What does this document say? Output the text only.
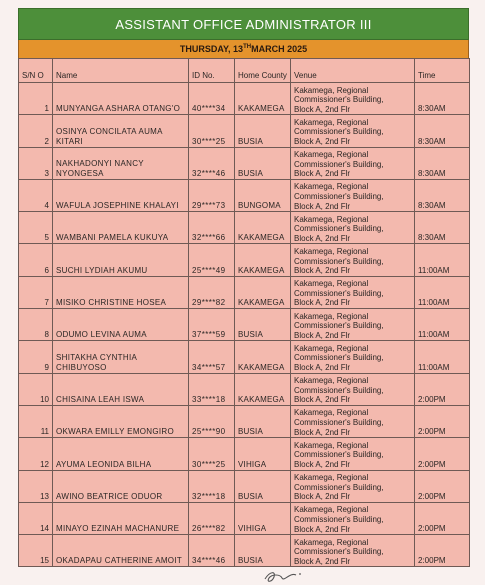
ASSISTANT OFFICE ADMINISTRATOR III
THURSDAY, 13TH MARCH 2025
S/N O	Name	ID No.	Home County	Venue	Time
1	MUNYANGA ASHARA OTANG'O	40****34	KAKAMEGA	Kakamega, Regional
Commissioner's Building,
Block A, 2nd Flr	8:30AM
2	OSINYA CONCILATA AUMA KITARI	30****25	BUSIA	Kakamega, Regional
Commissioner's Building,
Block A, 2nd Flr	8:30AM
3	NAKHADONYI NANCY NYONGESA	32****46	BUSIA	Kakamega, Regional
Commissioner's Building,
Block A, 2nd Flr	8:30AM
4	WAFULA JOSEPHINE KHALAYI	29****73	BUNGOMA	Kakamega, Regional
Commissioner's Building,
Block A, 2nd Flr	8:30AM
5	WAMBANI PAMELA KUKUYA	32****66	KAKAMEGA	Kakamega, Regional
Commissioner's Building,
Block A, 2nd Flr	8:30AM
6	SUCHI LYDIAH AKUMU	25****49	KAKAMEGA	Kakamega, Regional
Commissioner's Building,
Block A, 2nd Flr	11:00AM
7	MISIKO CHRISTINE HOSEA	29****82	KAKAMEGA	Kakamega, Regional
Commissioner's Building,
Block A, 2nd Flr	11:00AM
8	ODUMO LEVINA AUMA	37****59	BUSIA	Kakamega, Regional
Commissioner's Building,
Block A, 2nd Flr	11:00AM
9	SHITAKHA CYNTHIA CHIBUYOSO	34****57	KAKAMEGA	Kakamega, Regional
Commissioner's Building,
Block A, 2nd Flr	11:00AM
10	CHISAINA LEAH ISWA	33****18	KAKAMEGA	Kakamega, Regional
Commissioner's Building,
Block A, 2nd Flr	2:00PM
11	OKWARA EMILLY EMONGIRO	25****90	BUSIA	Kakamega, Regional
Commissioner's Building,
Block A, 2nd Flr	2:00PM
12	AYUMA LEONIDA BILHA	30****25	VIHIGA	Kakamega, Regional
Commissioner's Building,
Block A, 2nd Flr	2:00PM
13	AWINO BEATRICE ODUOR	32****18	BUSIA	Kakamega, Regional
Commissioner's Building,
Block A, 2nd Flr	2:00PM
14	MINAYO EZINAH MACHANURE	26****82	VIHIGA	Kakamega, Regional
Commissioner's Building,
Block A, 2nd Flr	2:00PM
15	OKADAPAU CATHERINE AMOIT	34****46	BUSIA	Kakamega, Regional
Commissioner's Building,
Block A, 2nd Flr	2:00PM
